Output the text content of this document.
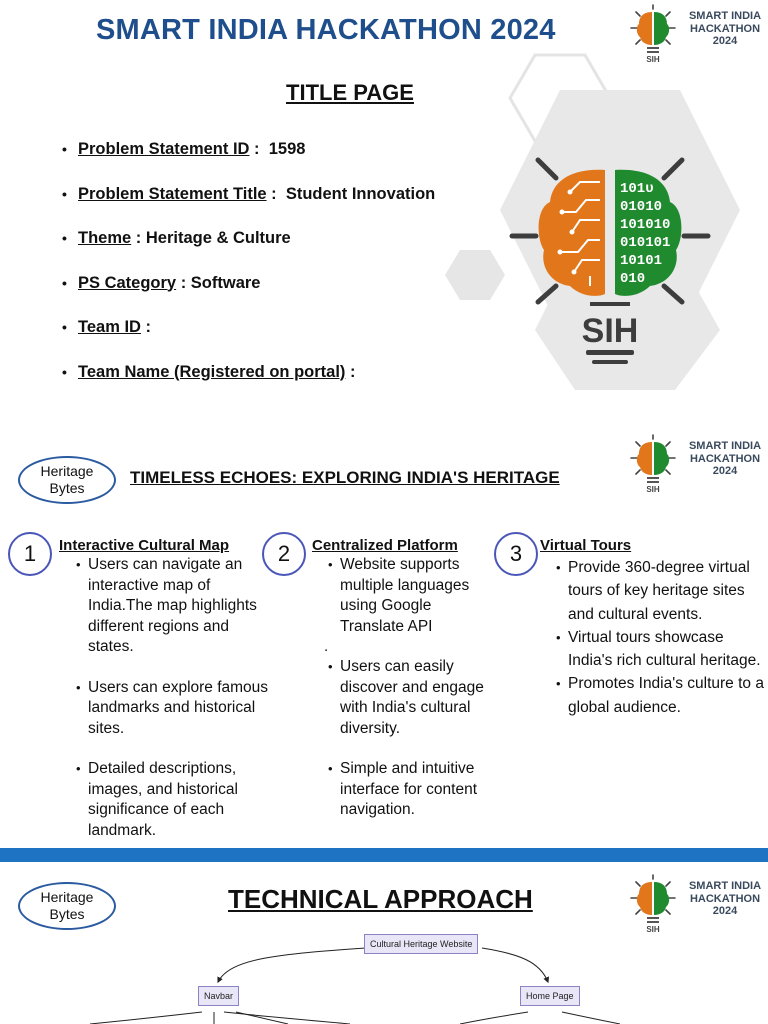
SMART INDIA HACKATHON 2024
SIH
SMART INDIA
HACKATHON
2024
TITLE PAGE
• Problem Statement ID :  1598
• Problem Statement Title :  Student Innovation
• Theme : Heritage & Culture
• PS Category : Software
• Team ID :
• Team Name (Registered on portal) :
101ᴜ
01010
101010
010101
10101
010
SIH
Heritage
Bytes
TIMELESS ECHOES: EXPLORING INDIA'S HERITAGE
SIH
SMART INDIA
HACKATHON
2024
1	Interactive Cultural Map
• Users can navigate an interactive map of India.The map highlights different regions and states.
• Users can explore famous landmarks and historical sites.
• Detailed descriptions, images, and historical significance of each landmark.
2	Centralized Platform
• Website supports multiple languages using Google Translate API
.
• Users can easily discover and engage with India's cultural diversity.
• Simple and intuitive interface for content navigation.
3	Virtual Tours
• Provide 360-degree virtual tours of key heritage sites and cultural events.
• Virtual tours showcase India's rich cultural heritage.
• Promotes India's culture to a global audience.
Heritage
Bytes	TECHNICAL APPROACH
SIH
SMART INDIA
HACKATHON
2024
Cultural Heritage Website
Navbar	Home Page
